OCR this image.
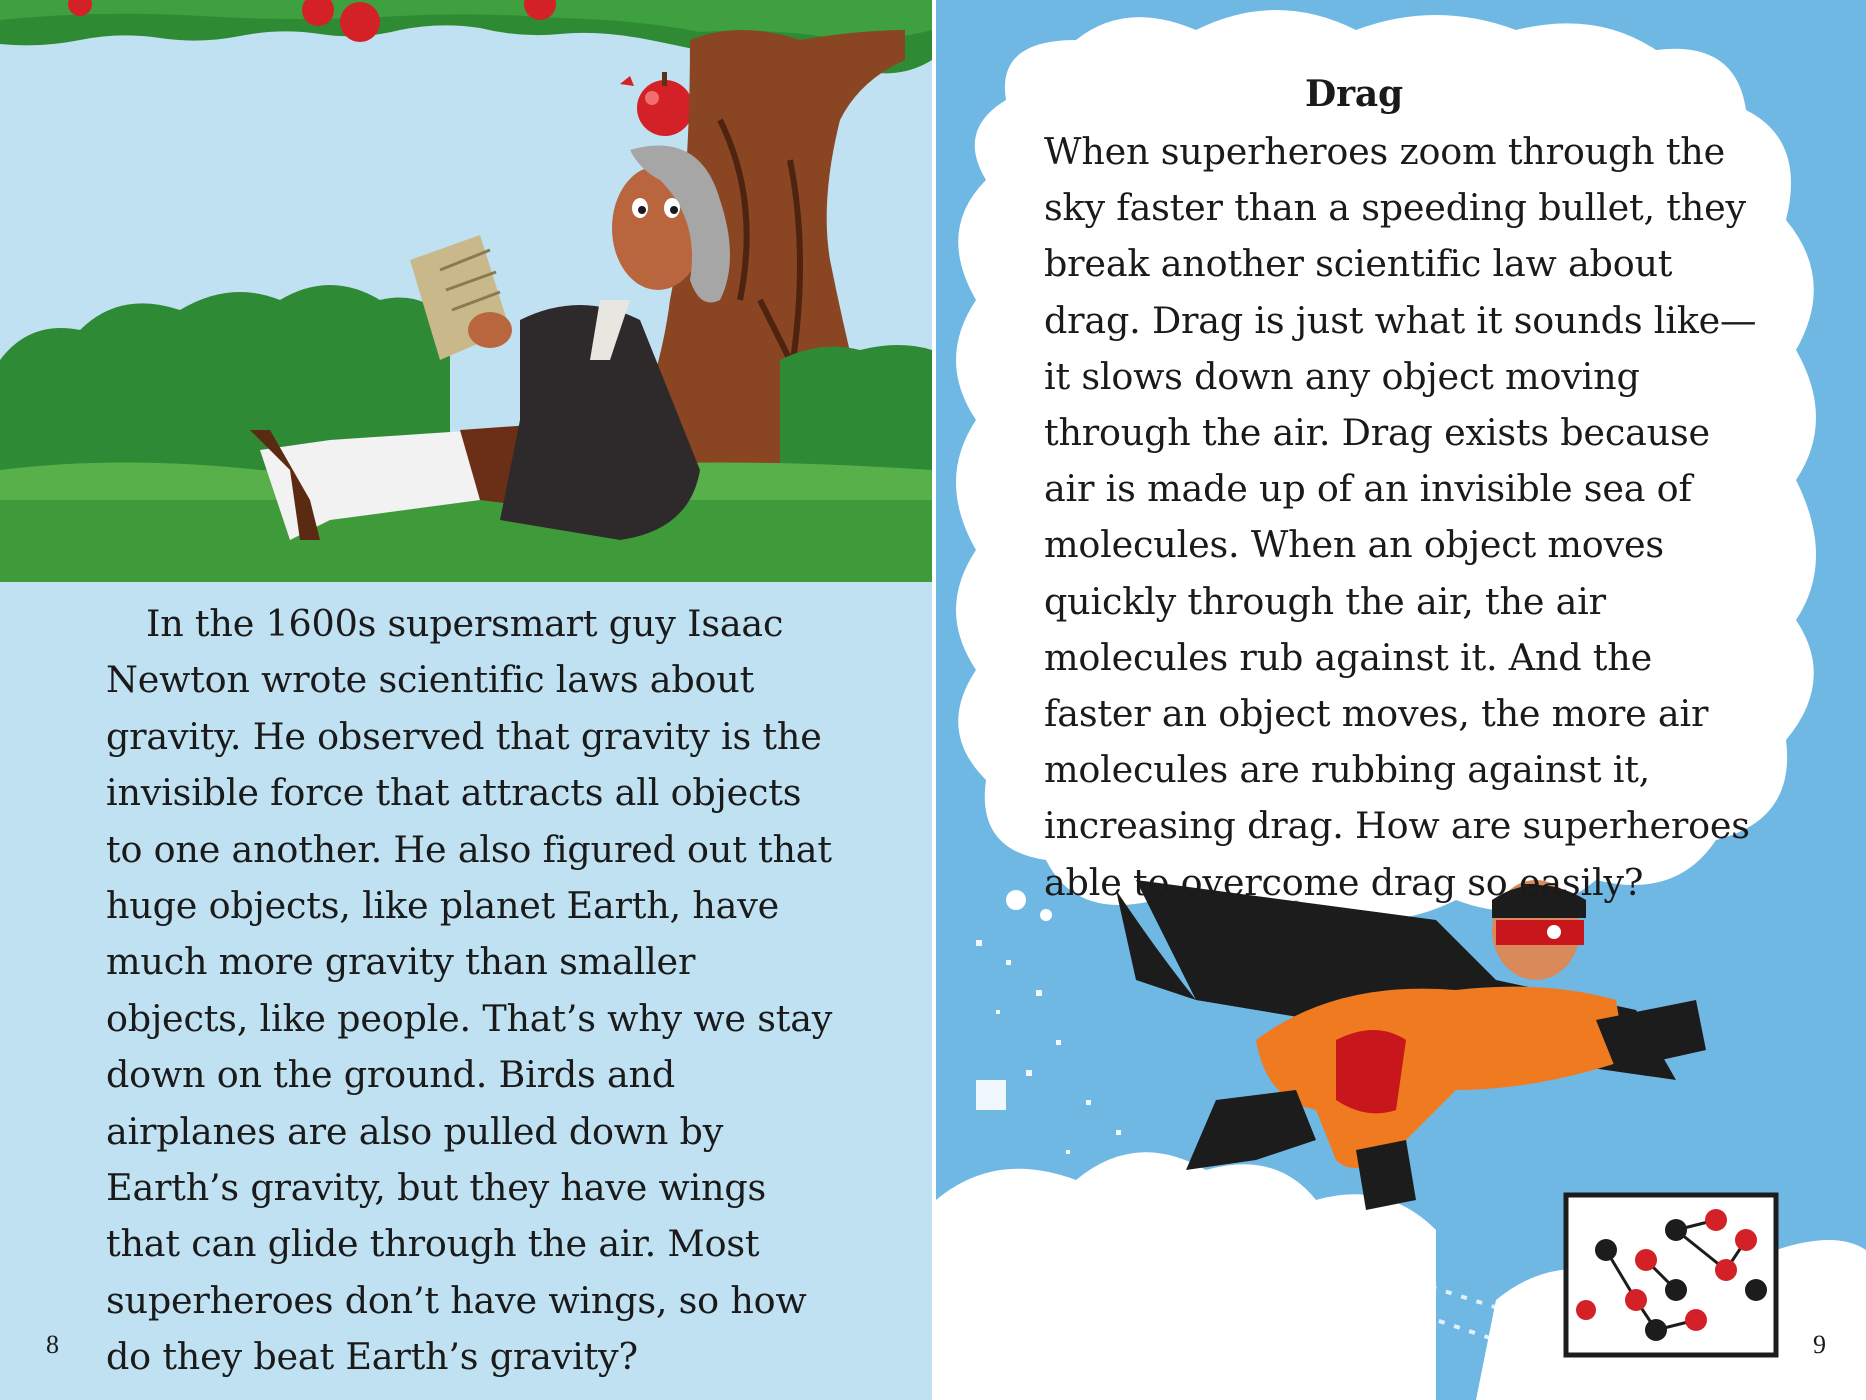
In the 1600s supersmart guy Isaac Newton wrote scientific laws about gravity. He observed that gravity is the invisible force that attracts all objects to one another. He also figured out that huge objects, like planet Earth, have much more gravity than smaller objects, like people. That’s why we stay down on the ground. Birds and airplanes are also pulled down by Earth’s gravity, but they have wings that can glide through the air. Most superheroes don’t have wings, so how do they beat Earth’s gravity?

8
Drag

When superheroes zoom through the sky faster than a speeding bullet, they break another scientific law about drag. Drag is just what it sounds like—it slows down any object moving through the air. Drag exists because air is made up of an invisible sea of molecules. When an object moves quickly through the air, the air molecules rub against it. And the faster an object moves, the more air molecules are rubbing against it, increasing drag. How are superheroes able to overcome drag so easily?

9
